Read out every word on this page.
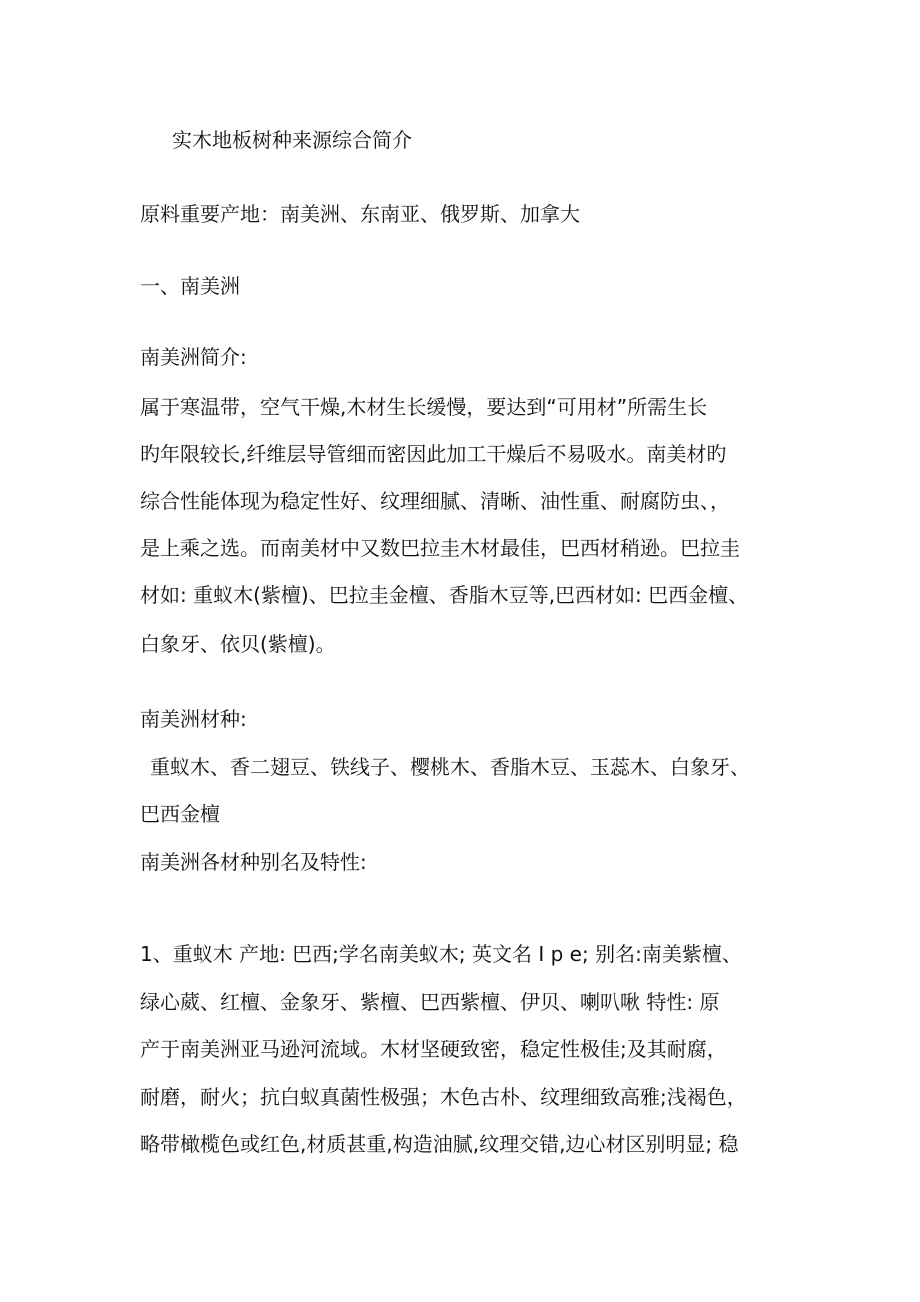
实木地板树种来源综合简介
原料重要产地：南美洲、东南亚、俄罗斯、加拿大
一、南美洲
南美洲简介:
属于寒温带，空气干燥,木材生长缓慢，要达到“可用材”所需生长
旳年限较长,纤维层导管细而密因此加工干燥后不易吸水。南美材旳
综合性能体现为稳定性好、纹理细腻、清晰、油性重、耐腐防虫、，
是上乘之选。而南美材中又数巴拉圭木材最佳，巴西材稍逊。巴拉圭
材如: 重蚁木(紫檀)、巴拉圭金檀、香脂木豆等,巴西材如: 巴西金檀、
白象牙、依贝(紫檀)。
南美洲材种:
重蚁木、香二翅豆、铁线子、樱桃木、香脂木豆、玉蕊木、白象牙、
巴西金檀
南美洲各材种别名及特性:
1、重蚁木 产地: 巴西;学名南美蚁木; 英文名 I p e; 别名:南美紫檀、
绿心葳、红檀、金象牙、紫檀、巴西紫檀、伊贝、喇叭啾 特性: 原
产于南美洲亚马逊河流域。木材坚硬致密，稳定性极佳;及其耐腐，
耐磨，耐火；抗白蚁真菌性极强；木色古朴、纹理细致高雅;浅褐色，
略带橄榄色或红色,材质甚重,构造油腻,纹理交错,边心材区别明显; 稳
